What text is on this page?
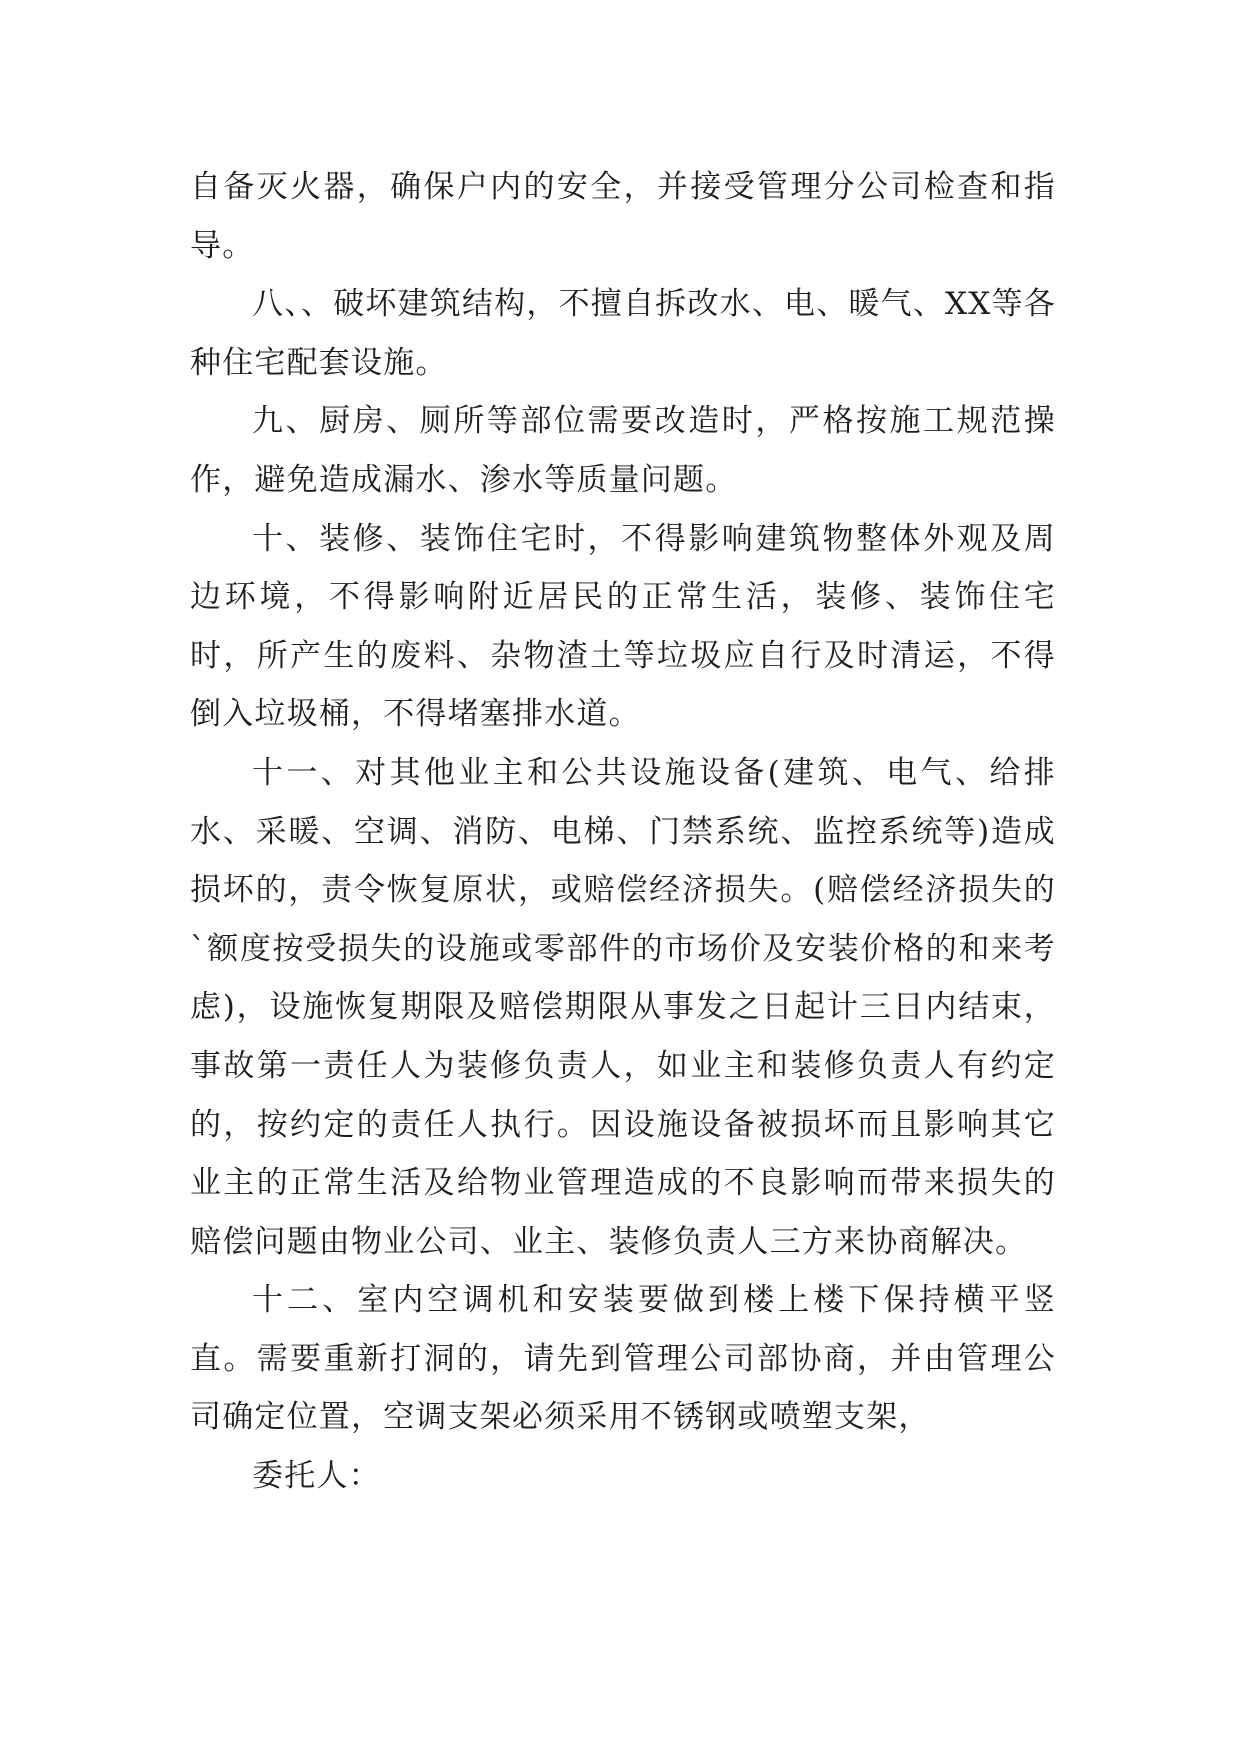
自备灭火器，确保户内的安全，并接受管理分公司检查和指导。

八、、破坏建筑结构，不擅自拆改水、电、暖气、XX等各种住宅配套设施。

九、厨房、厕所等部位需要改造时，严格按施工规范操作，避免造成漏水、渗水等质量问题。

十、装修、装饰住宅时，不得影响建筑物整体外观及周边环境，不得影响附近居民的正常生活，装修、装饰住宅时，所产生的废料、杂物渣土等垃圾应自行及时清运，不得倒入垃圾桶，不得堵塞排水道。

十一、对其他业主和公共设施设备(建筑、电气、给排水、采暖、空调、消防、电梯、门禁系统、监控系统等)造成损坏的，责令恢复原状，或赔偿经济损失。(赔偿经济损失的`额度按受损失的设施或零部件的市场价及安装价格的和来考虑)，设施恢复期限及赔偿期限从事发之日起计三日内结束，事故第一责任人为装修负责人，如业主和装修负责人有约定的，按约定的责任人执行。因设施设备被损坏而且影响其它业主的正常生活及给物业管理造成的不良影响而带来损失的赔偿问题由物业公司、业主、装修负责人三方来协商解决。

十二、室内空调机和安装要做到楼上楼下保持横平竖直。需要重新打洞的，请先到管理公司部协商，并由管理公司确定位置，空调支架必须采用不锈钢或喷塑支架，

委托人：
